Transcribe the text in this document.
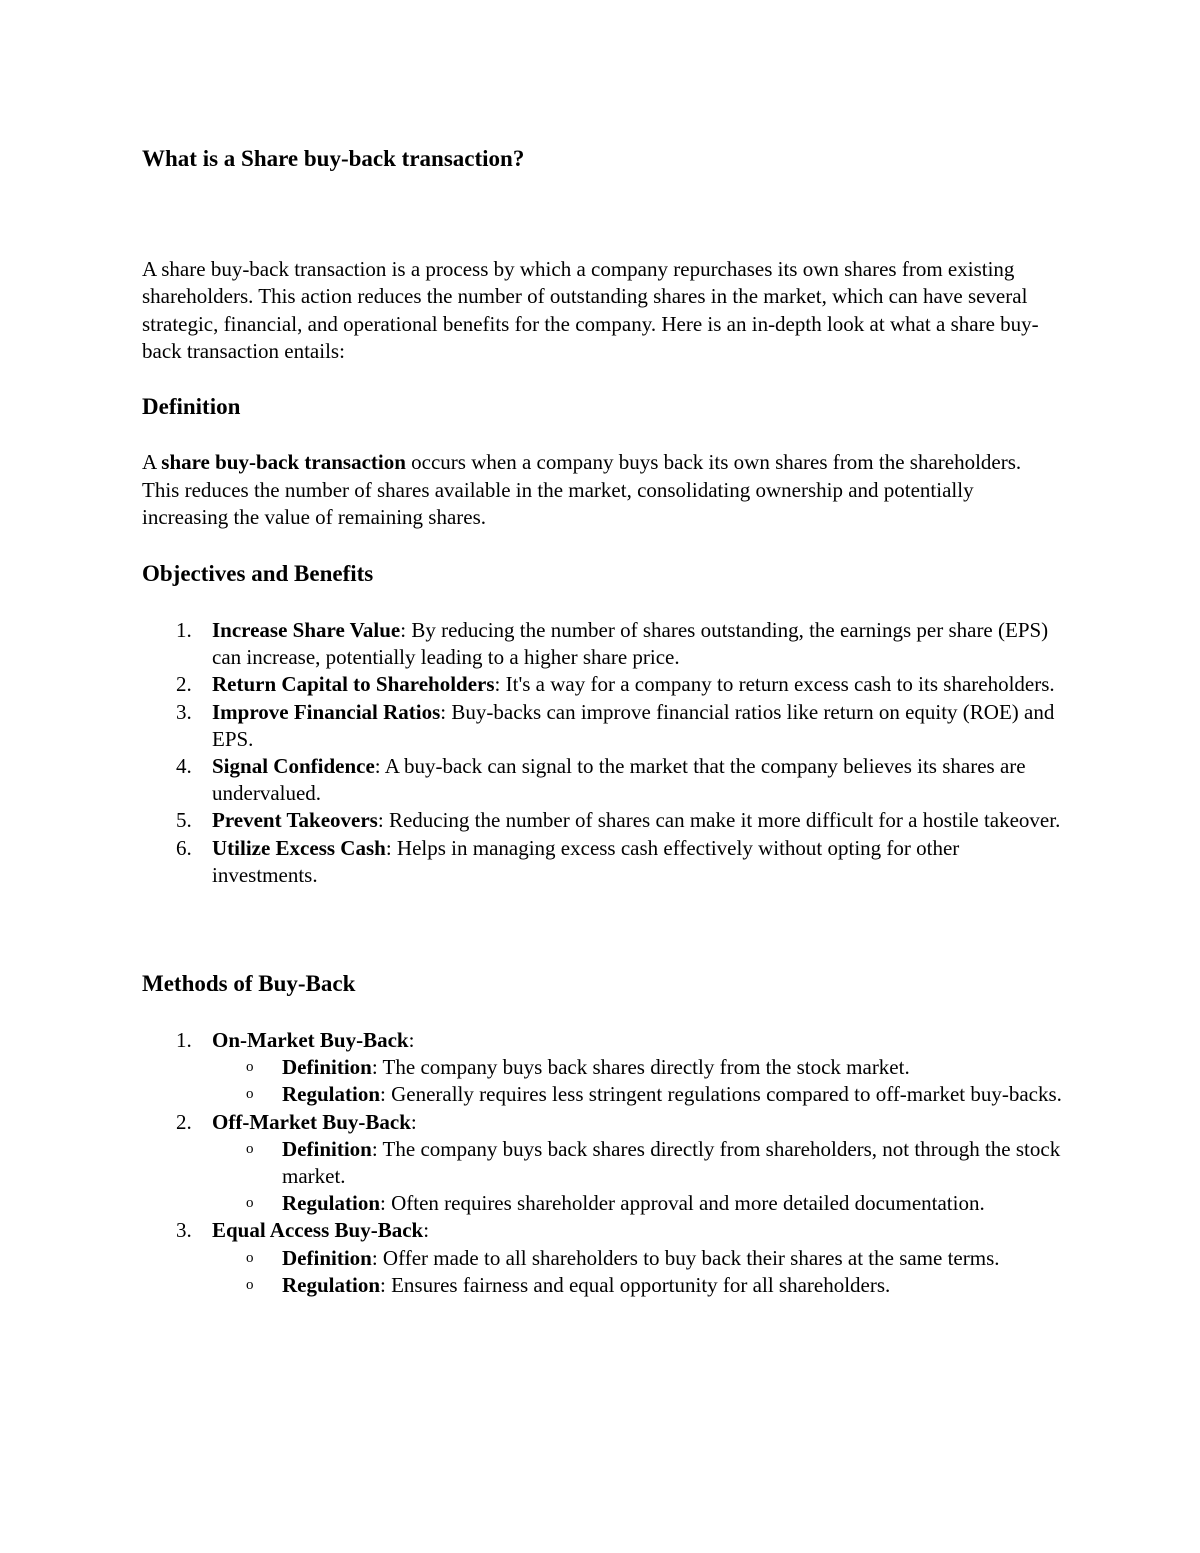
What is a Share buy-back transaction?

A share buy-back transaction is a process by which a company repurchases its own shares from existing shareholders. This action reduces the number of outstanding shares in the market, which can have several strategic, financial, and operational benefits for the company. Here is an in-depth look at what a share buy-back transaction entails:

Definition

A share buy-back transaction occurs when a company buys back its own shares from the shareholders. This reduces the number of shares available in the market, consolidating ownership and potentially increasing the value of remaining shares.

Objectives and Benefits
1. Increase Share Value: By reducing the number of shares outstanding, the earnings per share (EPS) can increase, potentially leading to a higher share price.
2. Return Capital to Shareholders: It's a way for a company to return excess cash to its shareholders.
3. Improve Financial Ratios: Buy-backs can improve financial ratios like return on equity (ROE) and EPS.
4. Signal Confidence: A buy-back can signal to the market that the company believes its shares are undervalued.
5. Prevent Takeovers: Reducing the number of shares can make it more difficult for a hostile takeover.
6. Utilize Excess Cash: Helps in managing excess cash effectively without opting for other investments.
Methods of Buy-Back
1. On-Market Buy-Back:
o Definition: The company buys back shares directly from the stock market.
o Regulation: Generally requires less stringent regulations compared to off-market buy-backs.
2. Off-Market Buy-Back:
o Definition: The company buys back shares directly from shareholders, not through the stock market.
o Regulation: Often requires shareholder approval and more detailed documentation.
3. Equal Access Buy-Back:
o Definition: Offer made to all shareholders to buy back their shares at the same terms.
o Regulation: Ensures fairness and equal opportunity for all shareholders.
